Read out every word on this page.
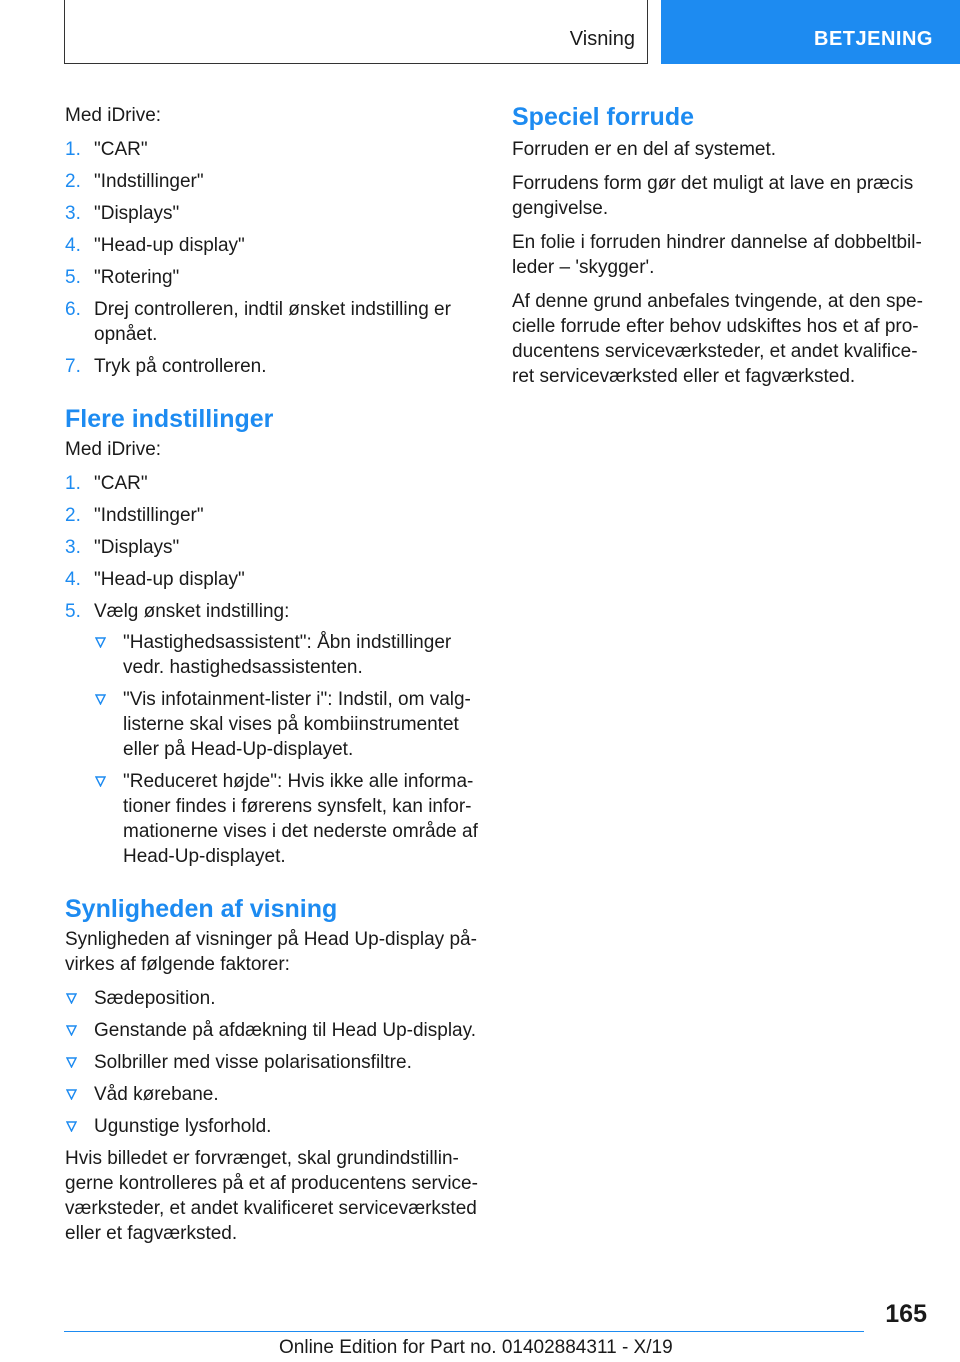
Visning	BETJENING

Med iDrive:

1. "CAR"
2. "Indstillinger"
3. "Displays"
4. "Head-up display"
5. "Rotering"
6. Drej controlleren, indtil ønsket indstilling er opnået.
7. Tryk på controlleren.
Flere indstillinger

Med iDrive:

1. "CAR"
2. "Indstillinger"
3. "Displays"
4. "Head-up display"
5. Vælg ønsket indstilling:
"Hastighedsassistent": Åbn indstillinger vedr. hastighedsassistenten.
"Vis infotainment-lister i": Indstil, om valg-listerne skal vises på kombiinstrumentet eller på Head-Up-displayet.
"Reduceret højde": Hvis ikke alle informa-tioner findes i førerens synsfelt, kan infor-mationerne vises i det nederste område af Head-Up-displayet.
Synligheden af visning

Synligheden af visninger på Head Up-display på-virkes af følgende faktorer:

Sædeposition.
Genstande på afdækning til Head Up-display.
Solbriller med visse polarisationsfiltre.
Våd kørebane.
Ugunstige lysforhold.

Hvis billedet er forvrænget, skal grundindstillin-gerne kontrolleres på et af producentens service-værksteder, et andet kvalificeret serviceværksted eller et fagværksted.

Speciel forrude

Forruden er en del af systemet.

Forrudens form gør det muligt at lave en præcis gengivelse.

En folie i forruden hindrer dannelse af dobbeltbil-leder – 'skygger'.

Af denne grund anbefales tvingende, at den spe-cielle forrude efter behov udskiftes hos et af pro-ducentens serviceværksteder, et andet kvalifice-ret serviceværksted eller et fagværksted.

165
Online Edition for Part no. 01402884311 - X/19
